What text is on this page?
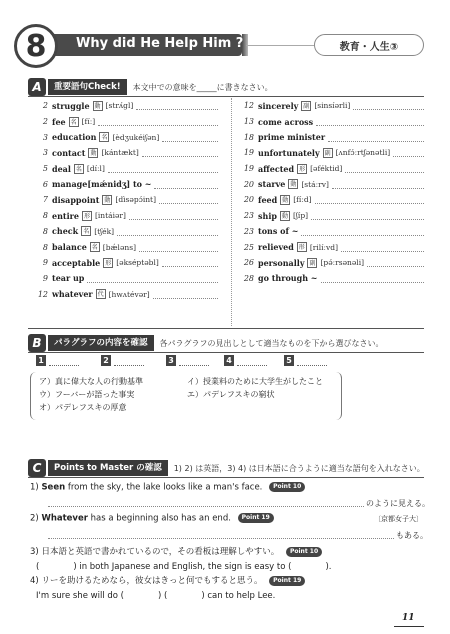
8	Why did He Help Him ?	教育・人生③
A	重要語句Check!	本文中での意味を_____に書きなさい。
2 struggle 動 [strʌ́gl]
2 fee 名 [fíː]
3 education 名 [èdʒukéiʃən]
3 contact 動 [kántækt]
5 deal 名 [díːl]
6 manage[mǽnidʒ] to ~
7 disappoint 動 [dìsəpɔ́int]
8 entire 形 [intáiər]
8 check 名 [tʃék]
8 balance 名 [bǽləns]
9 acceptable 形 [əkséptəbl]
9 tear up
12 whatever 代 [hwʌtévər]
12 sincerely 副 [sinsíərli]
13 come across
18 prime minister
19 unfortunately 副 [ʌnfɔ́ːrtʃənətli]
19 affected 形 [əféktid]
20 starve 動 [stáːrv]
20 feed 動 [fíːd]
23 ship 動 [ʃíp]
23 tons of ~
25 relieved 形 [rilíːvd]
26 personally 副 [pə́ːrsənəli]
28 go through ~
B	パラグラフの内容を確認	各パラグラフの見出しとして適当なものを下から選びなさい。
1	2	3	4	5
ア）真に偉大な人の行動基準	イ）授業料のために大学生がしたこと
ウ）フーバーが語った事実	エ）パデレフスキの窮状
オ）パデレフスキの厚意
C	Points to Master の確認	1) 2) は英語，3) 4) は日本語に合うように適当な語句を入れなさい。
1) Seen from the sky, the lake looks like a man's face. Point 10
のように見える。
2) Whatever has a beginning also has an end. Point 19	〔京都女子大〕
もある。
3) 日本語と英語で書かれているので，その看板は理解しやすい。 Point 10
(　　　　) in both Japanese and English, the sign is easy to (　　　　).
4) リーを助けるためなら，彼女はきっと何でもすると思う。 Point 19
I'm sure she will do (　　　　) (　　　　) can to help Lee.
11
